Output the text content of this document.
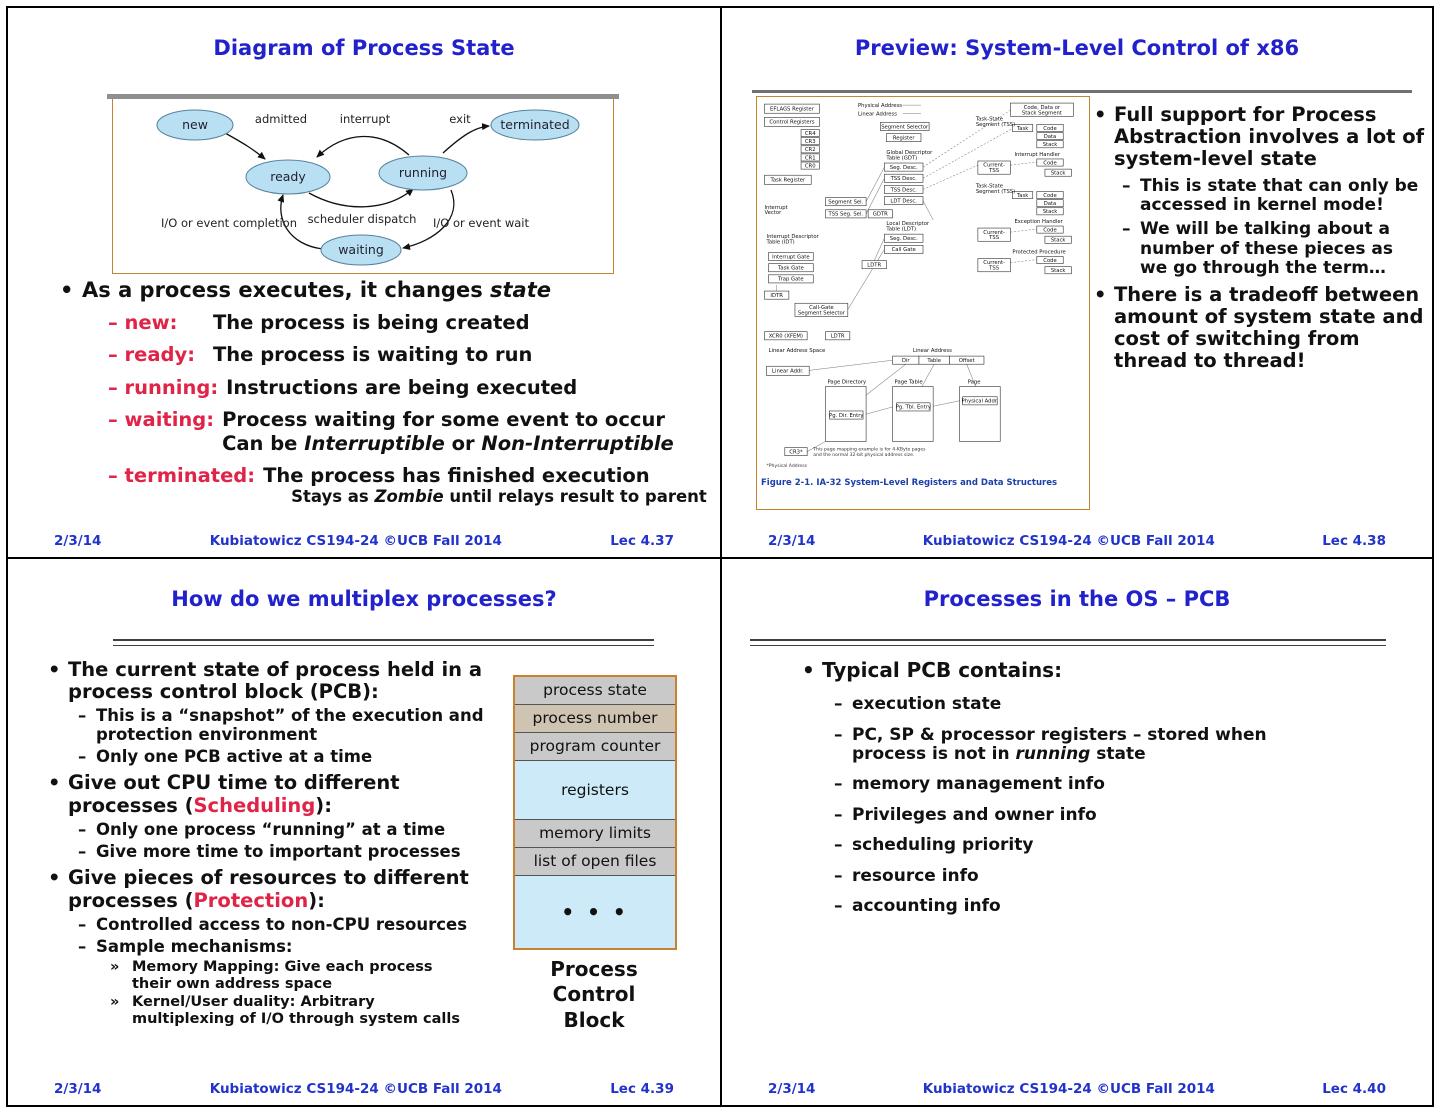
Diagram of Process State
new	terminated
ready	running
waiting
admitted	interrupt	exit
scheduler dispatch
I/O or event completion	I/O or event wait
• As a process executes, it changes state
– new:	The process is being created
– ready: The process is waiting to run
– running: Instructions are being executed
– waiting: Process waiting for some event to occur
Can be Interruptible or Non-Interruptible
– terminated: The process has finished execution
Stays as Zombie until relays result to parent
2/3/14	Kubiatowicz CS194-24 ©UCB Fall 2014	Lec 4.37
Preview: System-Level Control of x86
EFLAGS Register
Control Registers
CR4
CR3
CR2
CR1
CR0
Task Register
Segment Sel.
TSS Seg. Sel.
Interrupt Gate
Task Gate
Trap Gate
IDTR
Call-Gate Segment Selector
XCR0 (XFEM)	LDTR
Segment Selector
Register
Seg. Desc.
TSS Desc.
TSS Desc.
LDT Desc.
GDTR
Seg. Desc.
Call Gate
LDTR
Code, Data or Stack Segment
Task	Code
Data
Stack
Current-TSS
Code
Stack
Task	Code
Data
Stack
Current-TSS
Code
Stack
Current-TSS
Code
Stack
Dir	Table	Offset
Linear Addr.
Pg. Dir. Entry
Pg. Tbl. Entry
Physical Addr.
CR3*
Interrupt Vector
Interrupt Descriptor Table (IDT)
Physical Address
Linear Address
Global Descriptor Table (GDT)
Local Descriptor Table (LDT)
Task-State Segment (TSS)
Interrupt Handler
Task-State Segment (TSS)
Exception Handler
Protected Procedure
Linear Address Space	Linear Address
Page Directory	Page Table	Page
This page mapping example is for 4-KByte pages and the normal 32-bit physical address size.
*Physical Address
Figure 2-1. IA-32 System-Level Registers and Data Structures
• Full support for Process Abstraction involves a lot of system-level state
– This is state that can only be accessed in kernel mode!
– We will be talking about a number of these pieces as we go through the term…
• There is a tradeoff between amount of system state and cost of switching from thread to thread!
2/3/14	Kubiatowicz CS194-24 ©UCB Fall 2014	Lec 4.38
How do we multiplex processes?
• The current state of process held in a process control block (PCB):
– This is a “snapshot” of the execution and protection environment
– Only one PCB active at a time
• Give out CPU time to different processes (Scheduling):
– Only one process “running” at a time
– Give more time to important processes
• Give pieces of resources to different processes (Protection):
– Controlled access to non-CPU resources
– Sample mechanisms:
» Memory Mapping: Give each process their own address space
» Kernel/User duality: Arbitrary multiplexing of I/O through system calls
process state
process number
program counter
registers
memory limits
list of open files
• • •
Process
Control
Block
2/3/14	Kubiatowicz CS194-24 ©UCB Fall 2014	Lec 4.39
Processes in the OS – PCB
• Typical PCB contains:
– execution state
– PC, SP & processor registers – stored when process is not in running state
– memory management info
– Privileges and owner info
– scheduling priority
– resource info
– accounting info
2/3/14	Kubiatowicz CS194-24 ©UCB Fall 2014	Lec 4.40
